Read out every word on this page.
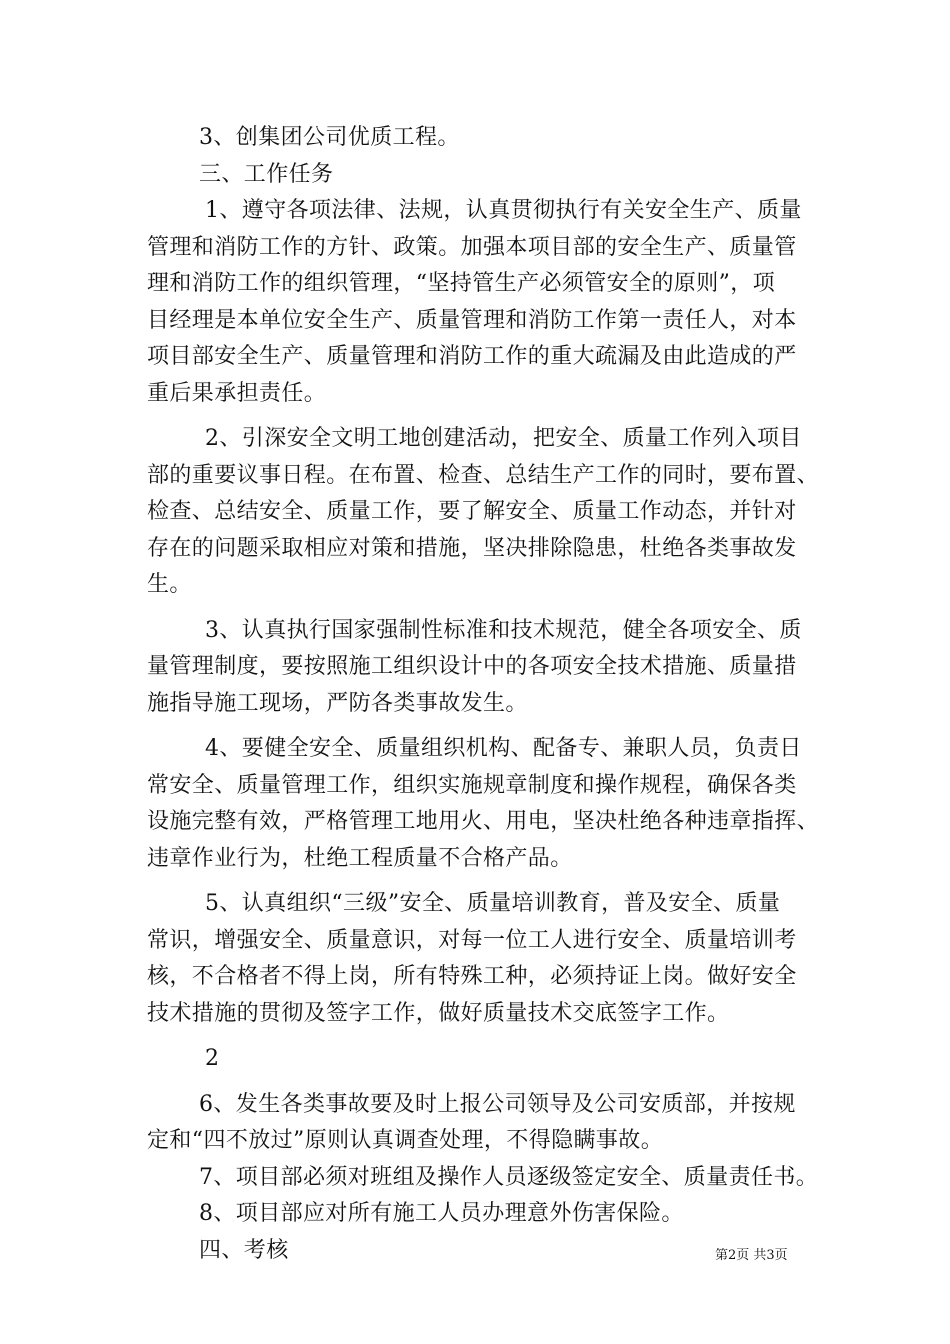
3、创集团公司优质工程。
三、工作任务
1、遵守各项法律、法规，认真贯彻执行有关安全生产、质量
管理和消防工作的方针、政策。加强本项目部的安全生产、质量管
理和消防工作的组织管理，“坚持管生产必须管安全的原则”，项
目经理是本单位安全生产、质量管理和消防工作第一责任人，对本
项目部安全生产、质量管理和消防工作的重大疏漏及由此造成的严
重后果承担责任。
2、引深安全文明工地创建活动，把安全、质量工作列入项目
部的重要议事日程。在布置、检查、总结生产工作的同时，要布置、
检查、总结安全、质量工作，要了解安全、质量工作动态，并针对
存在的问题采取相应对策和措施，坚决排除隐患，杜绝各类事故发
生。
3、认真执行国家强制性标准和技术规范，健全各项安全、质
量管理制度，要按照施工组织设计中的各项安全技术措施、质量措
施指导施工现场，严防各类事故发生。
4、要健全安全、质量组织机构、配备专、兼职人员，负责日
常安全、质量管理工作，组织实施规章制度和操作规程，确保各类
设施完整有效，严格管理工地用火、用电，坚决杜绝各种违章指挥、
违章作业行为，杜绝工程质量不合格产品。
5、认真组织“三级”安全、质量培训教育，普及安全、质量
常识，增强安全、质量意识，对每一位工人进行安全、质量培训考
核，不合格者不得上岗，所有特殊工种，必须持证上岗。做好安全
技术措施的贯彻及签字工作，做好质量技术交底签字工作。
2
6、发生各类事故要及时上报公司领导及公司安质部，并按规
定和“四不放过”原则认真调查处理，不得隐瞒事故。
7、项目部必须对班组及操作人员逐级签定安全、质量责任书。
8、项目部应对所有施工人员办理意外伤害保险。
四、考核	第2页 共3页
